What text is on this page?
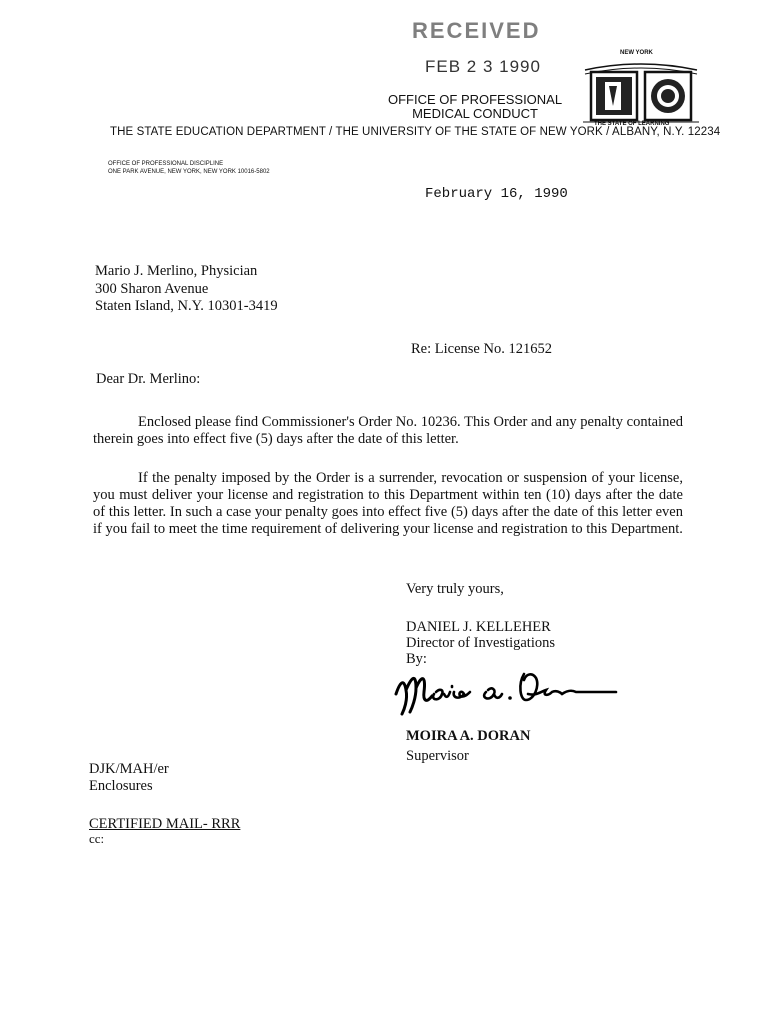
RECEIVED
FEB 2 3 1990
OFFICE OF PROFESSIONAL
MEDICAL CONDUCT
NEW YORK
THE STATE OF LEARNING
THE STATE EDUCATION DEPARTMENT / THE UNIVERSITY OF THE STATE OF NEW YORK / ALBANY, N.Y. 12234
OFFICE OF PROFESSIONAL DISCIPLINE
ONE PARK AVENUE, NEW YORK, NEW YORK 10016-5802
February 16, 1990
Mario J. Merlino, Physician
300 Sharon Avenue
Staten Island, N.Y. 10301-3419
Re: License No. 121652
Dear Dr. Merlino:
Enclosed please find Commissioner's Order No. 10236. This Order and any penalty contained therein goes into effect five (5) days after the date of this letter.
If the penalty imposed by the Order is a surrender, revocation or suspension of your license, you must deliver your license and registration to this Department within ten (10) days after the date of this letter. In such a case your penalty goes into effect five (5) days after the date of this letter even if you fail to meet the time requirement of delivering your license and registration to this Department.
Very truly yours,
DANIEL J. KELLEHER
Director of Investigations
By:
MOIRA A. DORAN
Supervisor
DJK/MAH/er
Enclosures
CERTIFIED MAIL- RRR
cc:
